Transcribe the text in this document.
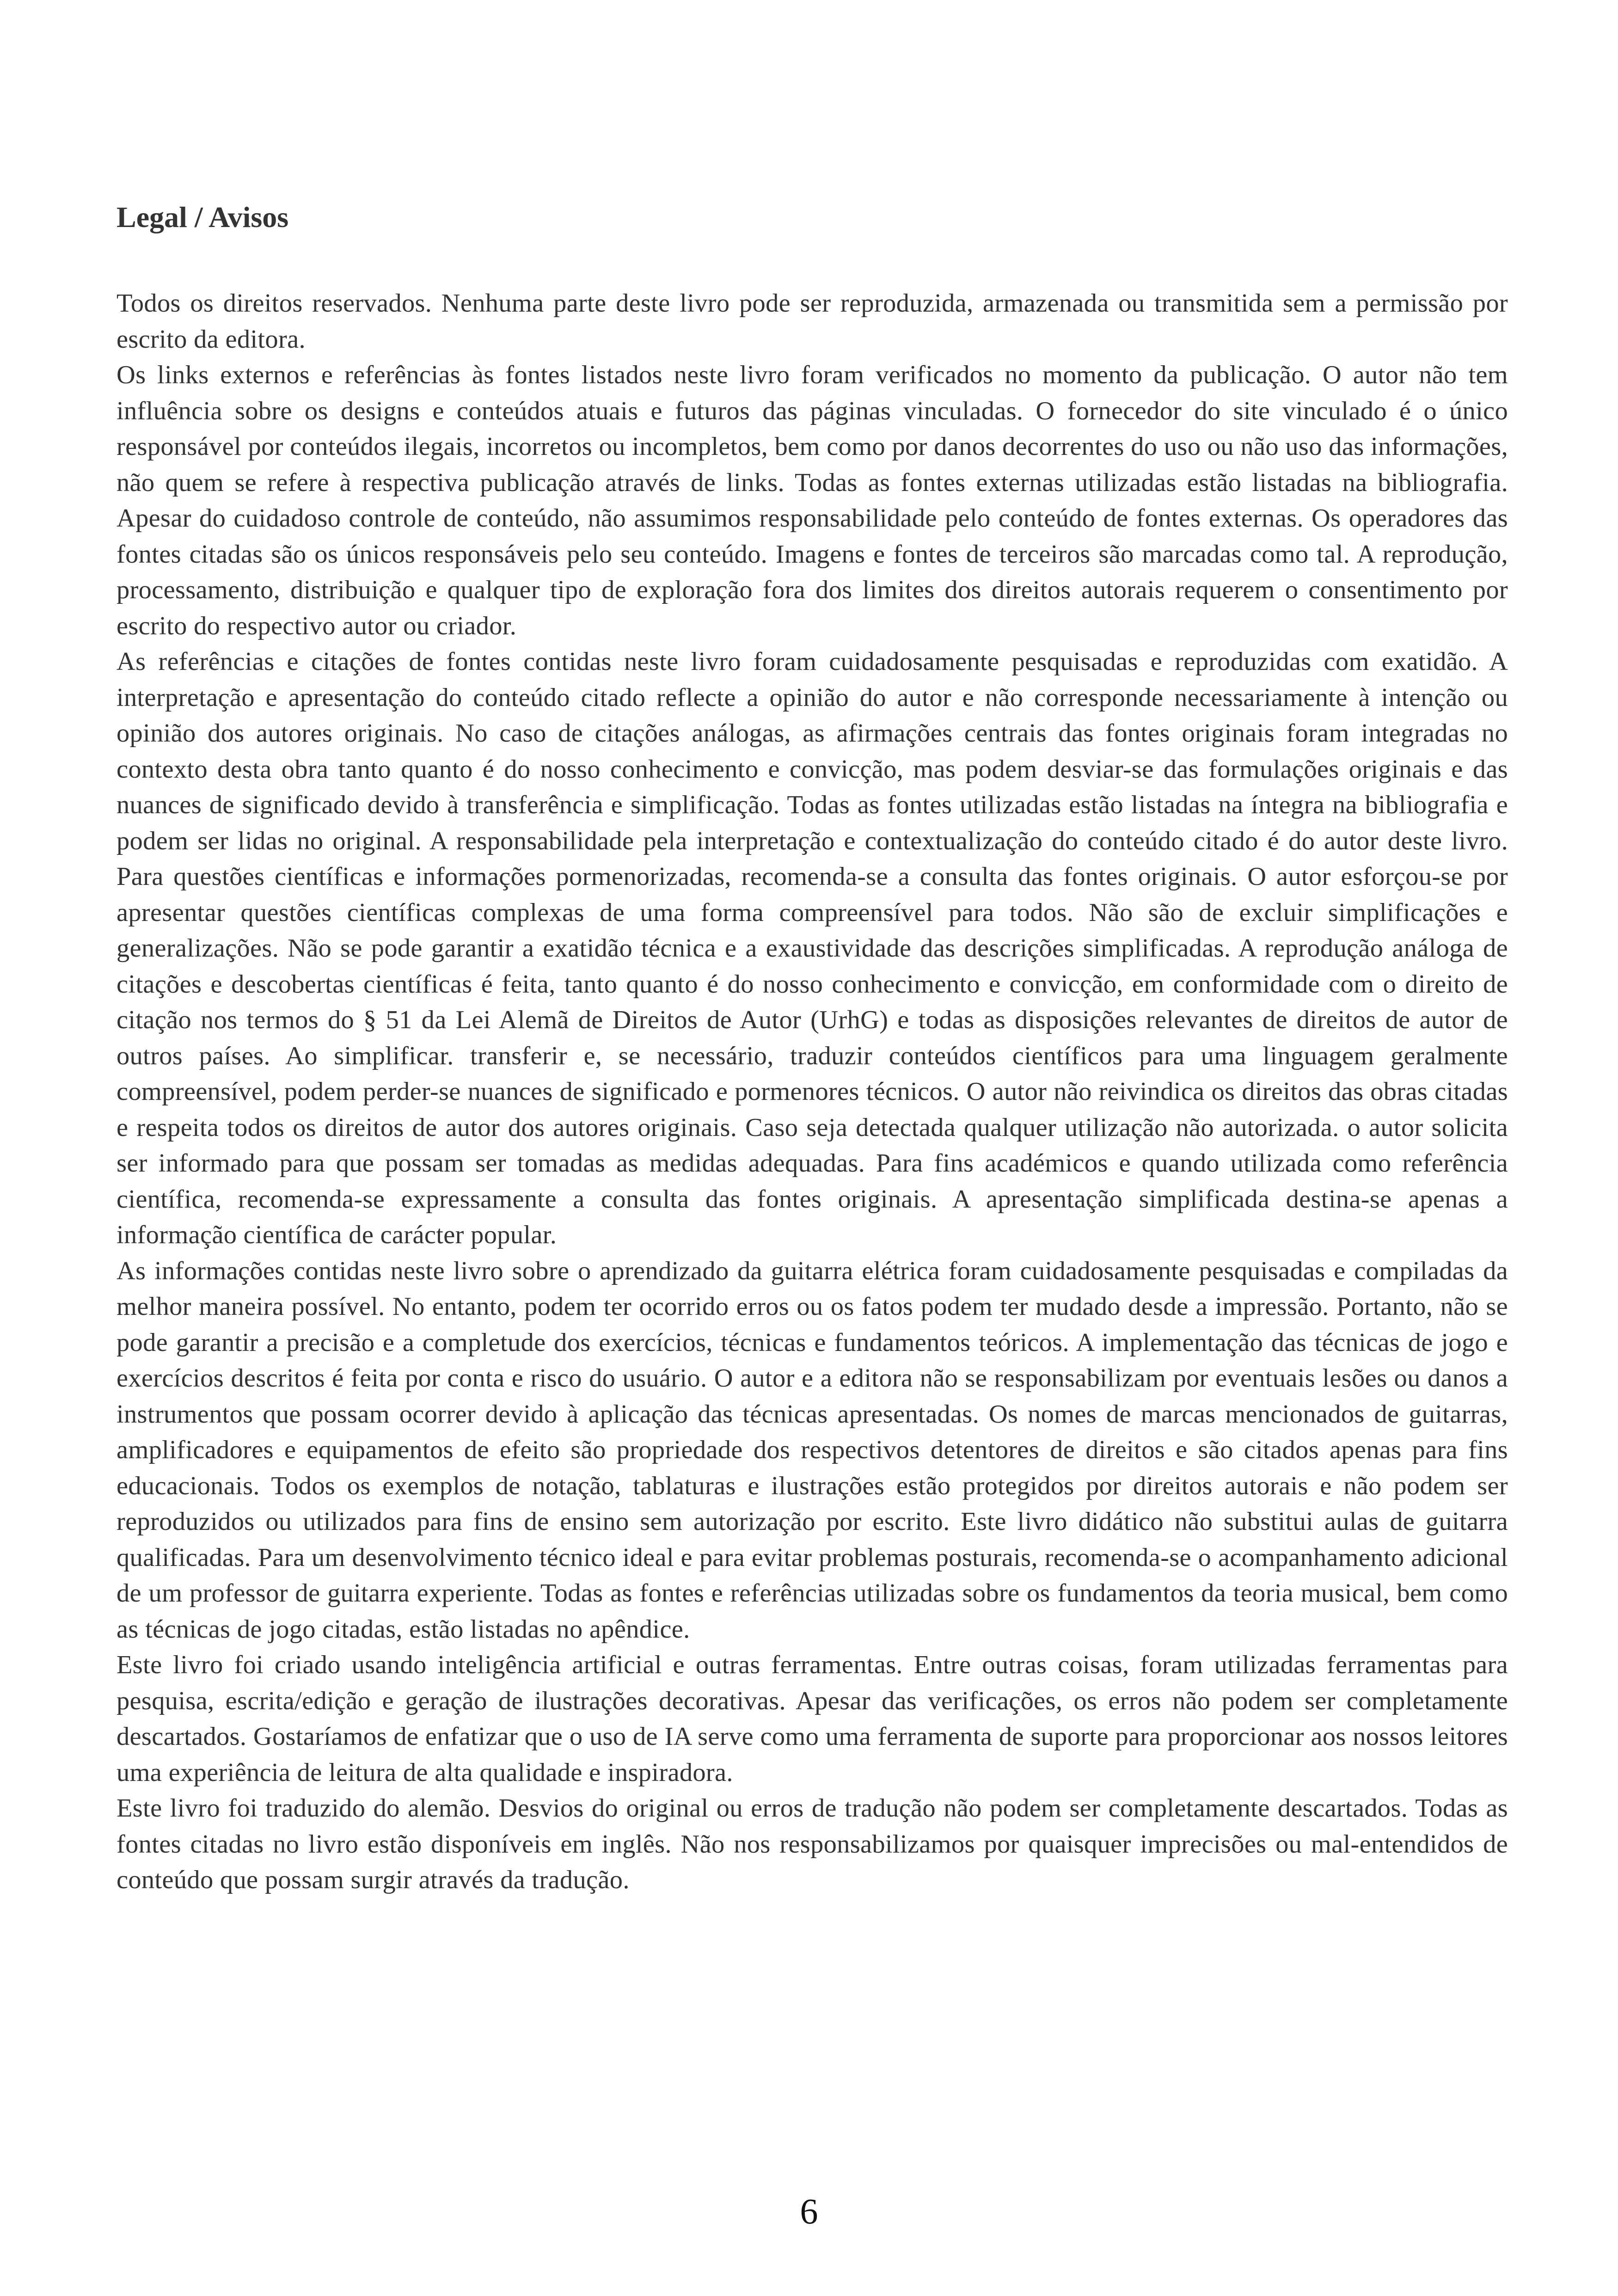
Legal / Avisos

Todos os direitos reservados. Nenhuma parte deste livro pode ser reproduzida, armazenada ou transmitida sem a permissão por escrito da editora.

Os links externos e referências às fontes listados neste livro foram verificados no momento da publicação. O autor não tem influência sobre os designs e conteúdos atuais e futuros das páginas vinculadas. O fornecedor do site vinculado é o único responsável por conteúdos ilegais, incorretos ou incompletos, bem como por danos decorrentes do uso ou não uso das informações, não quem se refere à respectiva publicação através de links. Todas as fontes externas utilizadas estão listadas na bibliografia. Apesar do cuidadoso controle de conteúdo, não assumimos responsabilidade pelo conteúdo de fontes externas. Os operadores das fontes citadas são os únicos responsáveis pelo seu conteúdo. Imagens e fontes de terceiros são marcadas como tal. A reprodução, processamento, distribuição e qualquer tipo de exploração fora dos limites dos direitos autorais requerem o consentimento por escrito do respectivo autor ou criador.

As referências e citações de fontes contidas neste livro foram cuidadosamente pesquisadas e reproduzidas com exatidão. A interpretação e apresentação do conteúdo citado reflecte a opinião do autor e não corresponde necessariamente à intenção ou opinião dos autores originais. No caso de citações análogas, as afirmações centrais das fontes originais foram integradas no contexto desta obra tanto quanto é do nosso conhecimento e convicção, mas podem desviar-se das formulações originais e das nuances de significado devido à transferência e simplificação. Todas as fontes utilizadas estão listadas na íntegra na bibliografia e podem ser lidas no original. A responsabilidade pela interpretação e contextualização do conteúdo citado é do autor deste livro. Para questões científicas e informações pormenorizadas, recomenda-se a consulta das fontes originais. O autor esforçou-se por apresentar questões científicas complexas de uma forma compreensível para todos. Não são de excluir simplificações e generalizações. Não se pode garantir a exatidão técnica e a exaustividade das descrições simplificadas. A reprodução análoga de citações e descobertas científicas é feita, tanto quanto é do nosso conhecimento e convicção, em conformidade com o direito de citação nos termos do § 51 da Lei Alemã de Direitos de Autor (UrhG) e todas as disposições relevantes de direitos de autor de outros países. Ao simplificar. transferir e, se necessário, traduzir conteúdos científicos para uma linguagem geralmente compreensível, podem perder-se nuances de significado e pormenores técnicos. O autor não reivindica os direitos das obras citadas e respeita todos os direitos de autor dos autores originais. Caso seja detectada qualquer utilização não autorizada. o autor solicita ser informado para que possam ser tomadas as medidas adequadas. Para fins académicos e quando utilizada como referência científica, recomenda-se expressamente a consulta das fontes originais. A apresentação simplificada destina-se apenas a informação científica de carácter popular.

As informações contidas neste livro sobre o aprendizado da guitarra elétrica foram cuidadosamente pesquisadas e compiladas da melhor maneira possível. No entanto, podem ter ocorrido erros ou os fatos podem ter mudado desde a impressão. Portanto, não se pode garantir a precisão e a completude dos exercícios, técnicas e fundamentos teóricos. A implementação das técnicas de jogo e exercícios descritos é feita por conta e risco do usuário. O autor e a editora não se responsabilizam por eventuais lesões ou danos a instrumentos que possam ocorrer devido à aplicação das técnicas apresentadas. Os nomes de marcas mencionados de guitarras, amplificadores e equipamentos de efeito são propriedade dos respectivos detentores de direitos e são citados apenas para fins educacionais. Todos os exemplos de notação, tablaturas e ilustrações estão protegidos por direitos autorais e não podem ser reproduzidos ou utilizados para fins de ensino sem autorização por escrito. Este livro didático não substitui aulas de guitarra qualificadas. Para um desenvolvimento técnico ideal e para evitar problemas posturais, recomenda-se o acompanhamento adicional de um professor de guitarra experiente. Todas as fontes e referências utilizadas sobre os fundamentos da teoria musical, bem como as técnicas de jogo citadas, estão listadas no apêndice.

Este livro foi criado usando inteligência artificial e outras ferramentas. Entre outras coisas, foram utilizadas ferramentas para pesquisa, escrita/edição e geração de ilustrações decorativas. Apesar das verificações, os erros não podem ser completamente descartados. Gostaríamos de enfatizar que o uso de IA serve como uma ferramenta de suporte para proporcionar aos nossos leitores uma experiência de leitura de alta qualidade e inspiradora.

Este livro foi traduzido do alemão. Desvios do original ou erros de tradução não podem ser completamente descartados. Todas as fontes citadas no livro estão disponíveis em inglês. Não nos responsabilizamos por quaisquer imprecisões ou mal-entendidos de conteúdo que possam surgir através da tradução.

6
